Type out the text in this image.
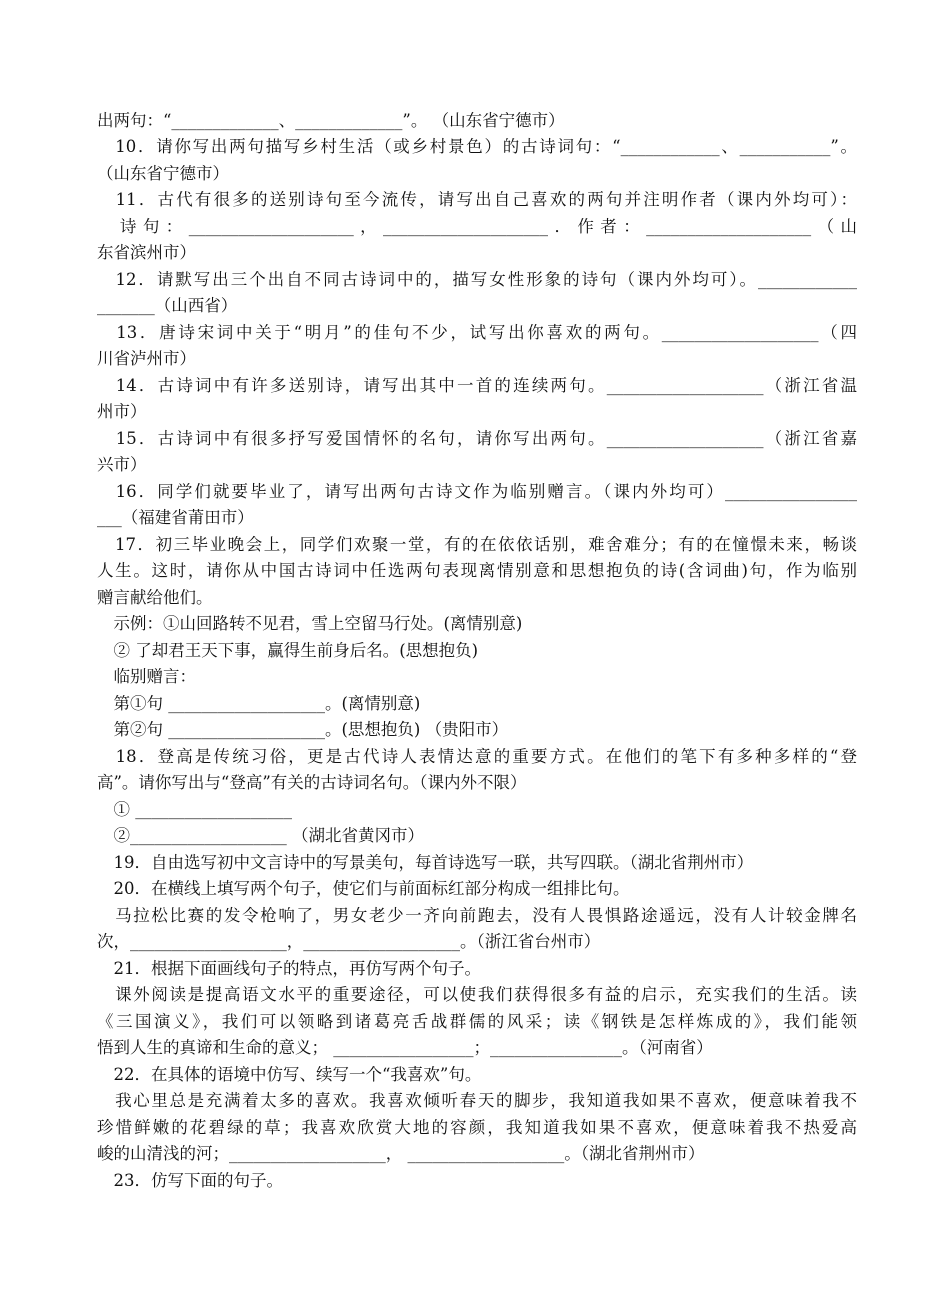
出两句：“_____________、_____________”。 （山东省宁德市）
　10．请你写出两句描写乡村生活（或乡村景色）的古诗词句：“____________、___________”。
（山东省宁德市）
　11．古代有很多的送别诗句至今流传，请写出自己喜欢的两句并注明作者（课内外均可）：
　诗句：____________________，____________________．作者：____________________（山
东省滨州市）
　12．请默写出三个出自不同古诗词中的，描写女性形象的诗句（课内外均可）。____________
_______（山西省）
　13．唐诗宋词中关于“明月”的佳句不少，试写出你喜欢的两句。___________________（四
川省泸州市）
　14．古诗词中有许多送别诗，请写出其中一首的连续两句。___________________（浙江省温
州市）
　15．古诗词中有很多抒写爱国情怀的名句，请你写出两句。___________________（浙江省嘉
兴市）
　16．同学们就要毕业了，请写出两句古诗文作为临别赠言。（课内外均可）________________
___（福建省莆田市）
　17．初三毕业晚会上，同学们欢聚一堂，有的在依依话别，难舍难分；有的在憧憬未来，畅谈
人生。这时，请你从中国古诗词中任选两句表现离情别意和思想抱负的诗(含词曲)句，作为临别
赠言献给他们。
　示例：①山回路转不见君，雪上空留马行处。(离情别意)
　② 了却君王天下事，赢得生前身后名。(思想抱负)
　临别赠言：
　第①句 ___________________。(离情别意)
　第②句 ___________________。(思想抱负) （贵阳市）
　18．登高是传统习俗，更是古代诗人表情达意的重要方式。在他们的笔下有多种多样的“登
高”。请你写出与“登高”有关的古诗词名句。（课内外不限）
　① ___________________
　②___________________ （湖北省黄冈市）
　19．自由选写初中文言诗中的写景美句，每首诗选写一联，共写四联。（湖北省荆州市）
　20．在横线上填写两个句子，使它们与前面标红部分构成一组排比句。
　马拉松比赛的发令枪响了，男女老少一齐向前跑去，没有人畏惧路途遥远，没有人计较金牌名
次，___________________，___________________。（浙江省台州市）
　21．根据下面画线句子的特点，再仿写两个句子。
　课外阅读是提高语文水平的重要途径，可以使我们获得很多有益的启示，充实我们的生活。读
《三国演义》，我们可以领略到诸葛亮舌战群儒的风采；读《钢铁是怎样炼成的》，我们能领
悟到人生的真谛和生命的意义； _________________；________________。（河南省）
　22．在具体的语境中仿写、续写一个“我喜欢”句。
　我心里总是充满着太多的喜欢。我喜欢倾听春天的脚步，我知道我如果不喜欢，便意味着我不
珍惜鲜嫩的花碧绿的草；我喜欢欣赏大地的容颜，我知道我如果不喜欢，便意味着我不热爱高
峻的山清浅的河；___________________， ___________________。（湖北省荆州市）
　23．仿写下面的句子。
